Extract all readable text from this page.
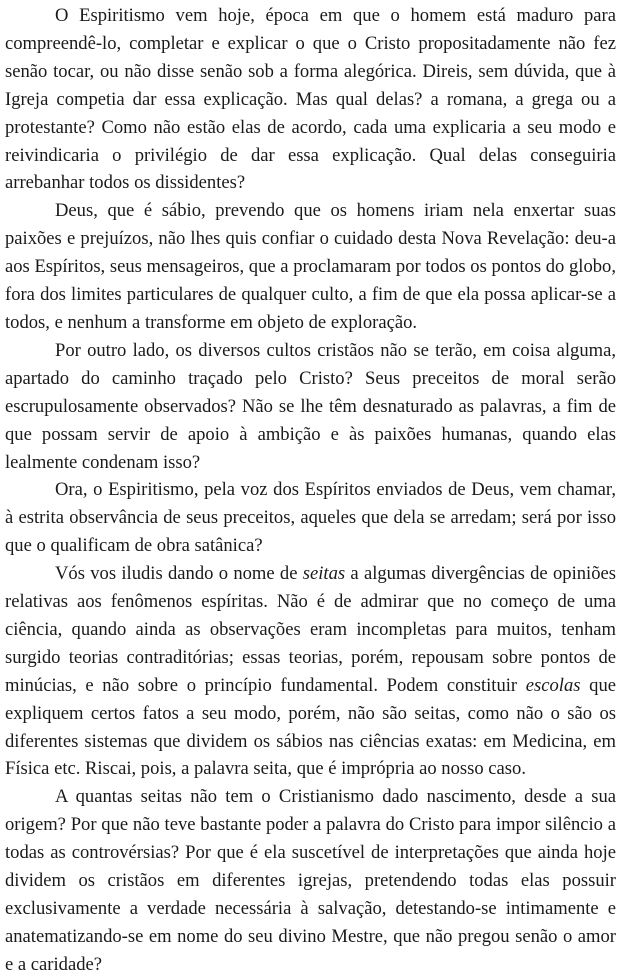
O Espiritismo vem hoje, época em que o homem está maduro para compreendê-lo, completar e explicar o que o Cristo propositadamente não fez senão tocar, ou não disse senão sob a forma alegórica. Direis, sem dúvida, que à Igreja competia dar essa explicação. Mas qual delas? a romana, a grega ou a protestante? Como não estão elas de acordo, cada uma explicaria a seu modo e reivindicaria o privilégio de dar essa explicação. Qual delas conseguiria arrebanhar todos os dissidentes?

Deus, que é sábio, prevendo que os homens iriam nela enxertar suas paixões e prejuízos, não lhes quis confiar o cuidado desta Nova Revelação: deu-a aos Espíritos, seus mensageiros, que a proclamaram por todos os pontos do globo, fora dos limites particulares de qualquer culto, a fim de que ela possa aplicar-se a todos, e nenhum a transforme em objeto de exploração.

Por outro lado, os diversos cultos cristãos não se terão, em coisa alguma, apartado do caminho traçado pelo Cristo? Seus preceitos de moral serão escrupulosamente observados? Não se lhe têm desnaturado as palavras, a fim de que possam servir de apoio à ambição e às paixões humanas, quando elas lealmente condenam isso?

Ora, o Espiritismo, pela voz dos Espíritos enviados de Deus, vem chamar, à estrita observância de seus preceitos, aqueles que dela se arredam; será por isso que o qualificam de obra satânica?

Vós vos iludis dando o nome de seitas a algumas divergências de opiniões relativas aos fenômenos espíritas. Não é de admirar que no começo de uma ciência, quando ainda as observações eram incompletas para muitos, tenham surgido teorias contraditórias; essas teorias, porém, repousam sobre pontos de minúcias, e não sobre o princípio fundamental. Podem constituir escolas que expliquem certos fatos a seu modo, porém, não são seitas, como não o são os diferentes sistemas que dividem os sábios nas ciências exatas: em Medicina, em Física etc. Riscai, pois, a palavra seita, que é imprópria ao nosso caso.

A quantas seitas não tem o Cristianismo dado nascimento, desde a sua origem? Por que não teve bastante poder a palavra do Cristo para impor silêncio a todas as controvérsias? Por que é ela suscetível de interpretações que ainda hoje dividem os cristãos em diferentes igrejas, pretendendo todas elas possuir exclusivamente a verdade necessária à salvação, detestando-se intimamente e anatematizando-se em nome do seu divino Mestre, que não pregou senão o amor e a caridade?
